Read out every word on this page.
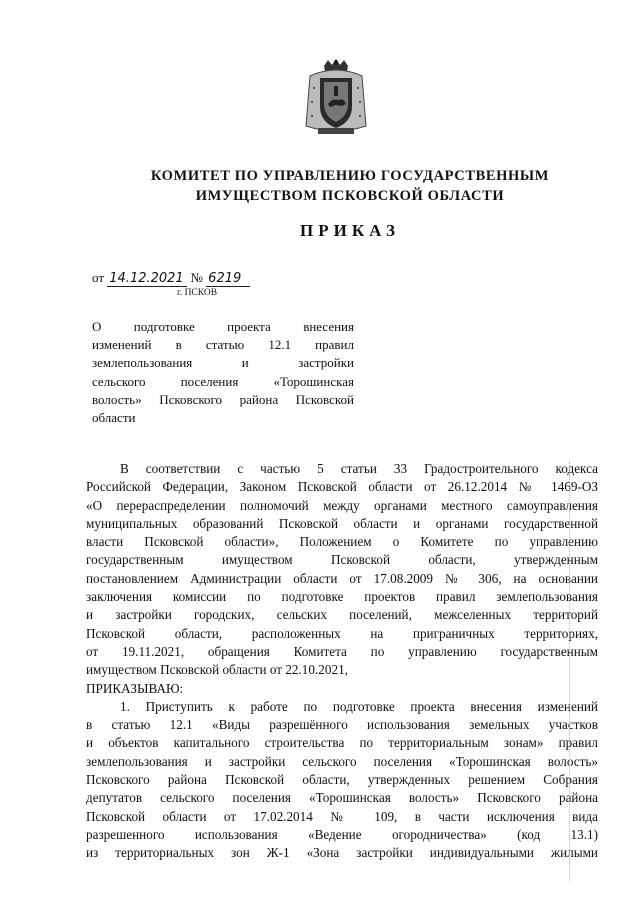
КОМИТЕТ ПО УПРАВЛЕНИЮ ГОСУДАРСТВЕННЫМ
ИМУЩЕСТВОМ ПСКОВСКОЙ ОБЛАСТИ
ПРИКАЗ
от 14.12.2021 № 6219
г. ПСКОВ
О подготовке проекта внесения
изменений в статью 12.1 правил
землепользования и застройки
сельского поселения «Торошинская
волость» Псковского района Псковской
области
В соответствии с частью 5 статьи 33 Градостроительного кодекса
Российской Федерации, Законом Псковской области от 26.12.2014 № 1469-ОЗ
«О перераспределении полномочий между органами местного самоуправления
муниципальных образований Псковской области и органами государственной
власти Псковской области», Положением о Комитете по управлению
государственным имуществом Псковской области, утвержденным
постановлением Администрации области от 17.08.2009 № 306, на основании
заключения комиссии по подготовке проектов правил землепользования
и застройки городских, сельских поселений, межселенных территорий
Псковской области, расположенных на приграничных территориях,
от 19.11.2021, обращения Комитета по управлению государственным
имуществом Псковской области от 22.10.2021,
ПРИКАЗЫВАЮ:
1. Приступить к работе по подготовке проекта внесения изменений
в статью 12.1 «Виды разрешённого использования земельных участков
и объектов капитального строительства по территориальным зонам» правил
землепользования и застройки сельского поселения «Торошинская волость»
Псковского района Псковской области, утвержденных решением Собрания
депутатов сельского поселения «Торошинская волость» Псковского района
Псковской области от 17.02.2014 № 109, в части исключения вида
разрешенного использования «Ведение огородничества» (код 13.1)
из территориальных зон Ж-1 «Зона застройки индивидуальными жилыми
